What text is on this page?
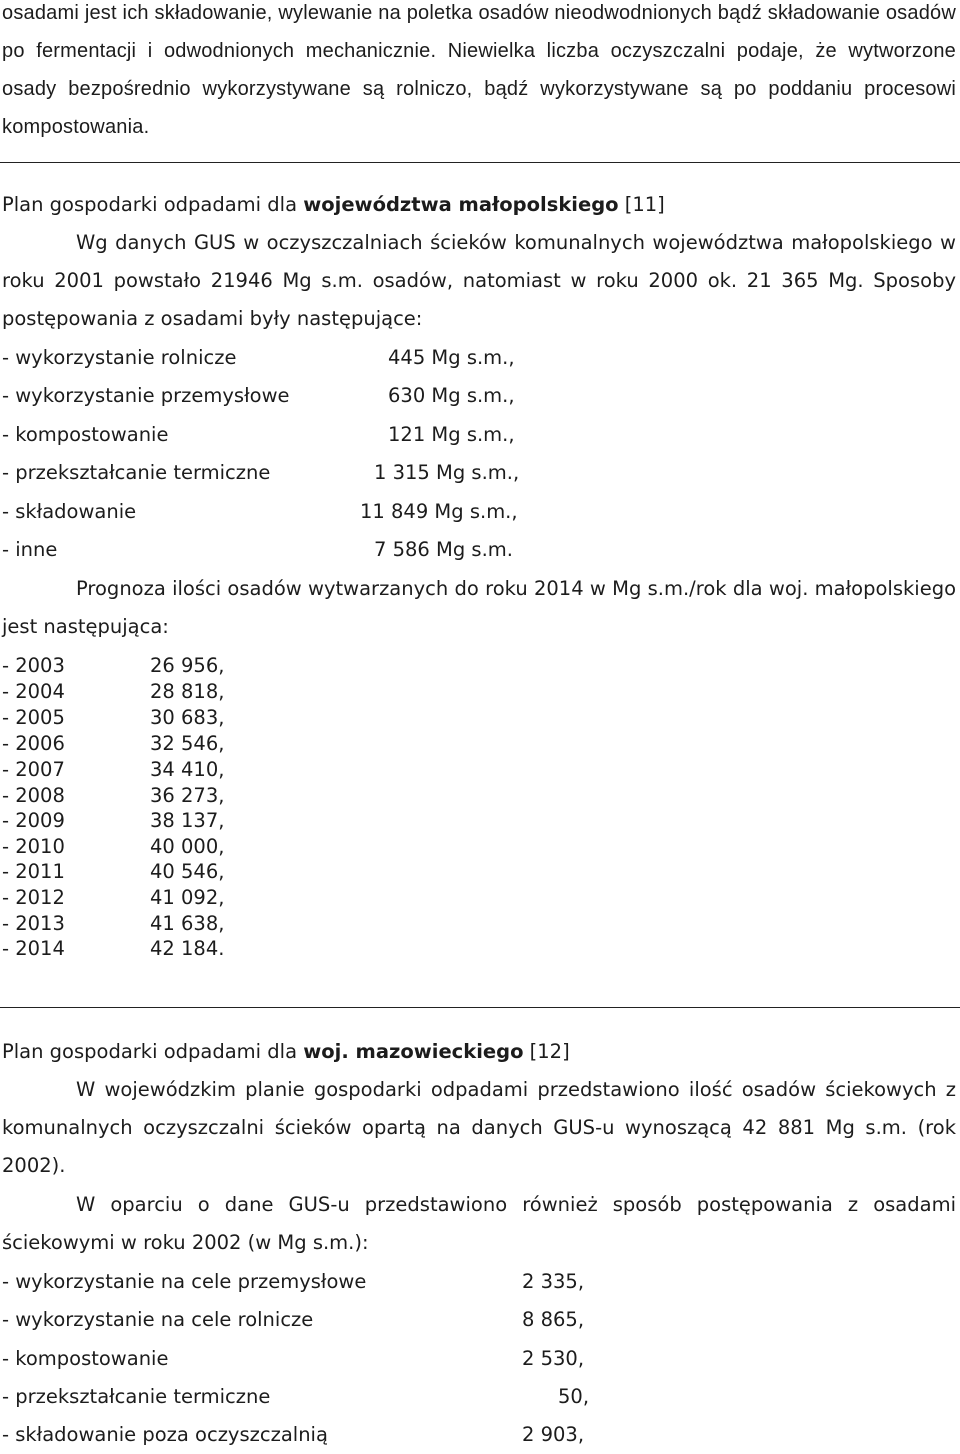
osadami jest ich składowanie, wylewanie na poletka osadów nieodwodnionych bądź składowanie osadów po fermentacji i odwodnionych mechanicznie. Niewielka liczba oczyszczalni podaje, że wytworzone osady bezpośrednio wykorzystywane są rolniczo, bądź wykorzystywane są po poddaniu procesowi kompostowania.

Plan gospodarki odpadami dla województwa małopolskiego [11]

Wg danych GUS w oczyszczalniach ścieków komunalnych województwa małopolskiego w roku 2001 powstało 21946 Mg s.m. osadów, natomiast w roku 2000 ok. 21 365 Mg. Sposoby postępowania z osadami były następujące:

- wykorzystanie rolnicze	445 Mg s.m.,
- wykorzystanie przemysłowe	630 Mg s.m.,
- kompostowanie	121 Mg s.m.,
- przekształcanie termiczne	1 315 Mg s.m.,
- składowanie	11 849 Mg s.m.,
- inne	7 586 Mg s.m.

Prognoza ilości osadów wytwarzanych do roku 2014 w Mg s.m./rok dla woj. małopolskiego jest następująca:

- 2003	26 956,
- 2004	28 818,
- 2005	30 683,
- 2006	32 546,
- 2007	34 410,
- 2008	36 273,
- 2009	38 137,
- 2010	40 000,
- 2011	40 546,
- 2012	41 092,
- 2013	41 638,
- 2014	42 184.

Plan gospodarki odpadami dla woj. mazowieckiego [12]

W wojewódzkim planie gospodarki odpadami przedstawiono ilość osadów ściekowych z komunalnych oczyszczalni ścieków opartą na danych GUS-u wynoszącą 42 881 Mg s.m. (rok 2002).

W oparciu o dane GUS-u przedstawiono również sposób postępowania z osadami ściekowymi w roku 2002 (w Mg s.m.):

- wykorzystanie na cele przemysłowe	2 335,
- wykorzystanie na cele rolnicze	8 865,
- kompostowanie	2 530,
- przekształcanie termiczne	50,
- składowanie poza oczyszczalnią	2 903,
